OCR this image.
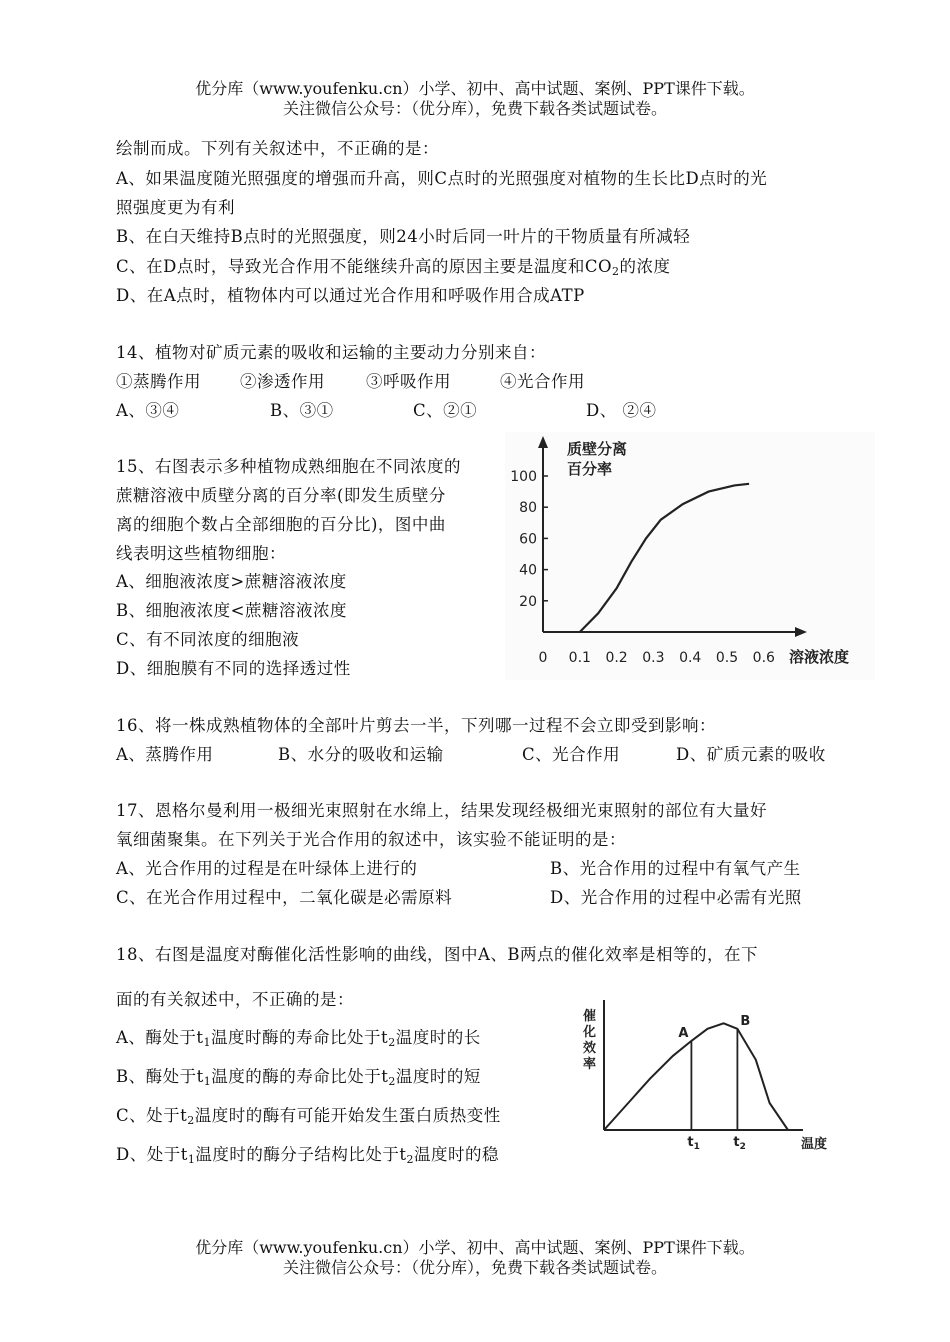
优分库（www.youfenku.cn）小学、初中、高中试题、案例、PPT课件下载。
关注微信公众号：（优分库），免费下载各类试题试卷。
绘制而成。下列有关叙述中，不正确的是：
A、如果温度随光照强度的增强而升高，则C点时的光照强度对植物的生长比D点时的光
照强度更为有利
B、在白天维持B点时的光照强度，则24小时后同一叶片的干物质量有所减轻
C、在D点时，导致光合作用不能继续升高的原因主要是温度和$CO_2$的浓度
D、在A点时，植物体内可以通过光合作用和呼吸作用合成ATP
14、植物对矿质元素的吸收和运输的主要动力分别来自：
①蒸腾作用 ②渗透作用 ③呼吸作用	④光合作用
A、③④	B、③①	C、②①	D、 ②④
15、右图表示多种植物成熟细胞在不同浓度的
蔗糖溶液中质壁分离的百分率(即发生质壁分
离的细胞个数占全部细胞的百分比)，图中曲
线表明这些植物细胞：
A、细胞液浓度>蔗糖溶液浓度
B、细胞液浓度<蔗糖溶液浓度
C、有不同浓度的细胞液
D、细胞膜有不同的选择透过性
0 0.1 0.2 0.3 0.4 0.5 0.6
20
40
60
80
100
质壁分离
百分率
溶液浓度
16、将一株成熟植物体的全部叶片剪去一半，下列哪一过程不会立即受到影响：
A、蒸腾作用	B、水分的吸收和运输	C、光合作用	D、矿质元素的吸收
17、恩格尔曼利用一极细光束照射在水绵上，结果发现经极细光束照射的部位有大量好
氧细菌聚集。在下列关于光合作用的叙述中，该实验不能证明的是：
A、光合作用的过程是在叶绿体上进行的	B、光合作用的过程中有氧气产生
C、在光合作用过程中，二氧化碳是必需原料	D、光合作用的过程中必需有光照
18、右图是温度对酶催化活性影响的曲线，图中A、B两点的催化效率是相等的，在下
面的有关叙述中，不正确的是：
A、酶处于$t_1$温度时酶的寿命比处于$t_2$温度时的长
B、酶处于$t_1$温度的酶的寿命比处于$t_2$温度时的短
C、处于$t_2$温度时的酶有可能开始发生蛋白质热变性
D、处于$t_1$温度时的酶分子结构比处于$t_2$温度时的稳
催
化
效
率
A
B
$t_1$	$t_2$	温度
优分库（www.youfenku.cn）小学、初中、高中试题、案例、PPT课件下载。
关注微信公众号：（优分库），免费下载各类试题试卷。
